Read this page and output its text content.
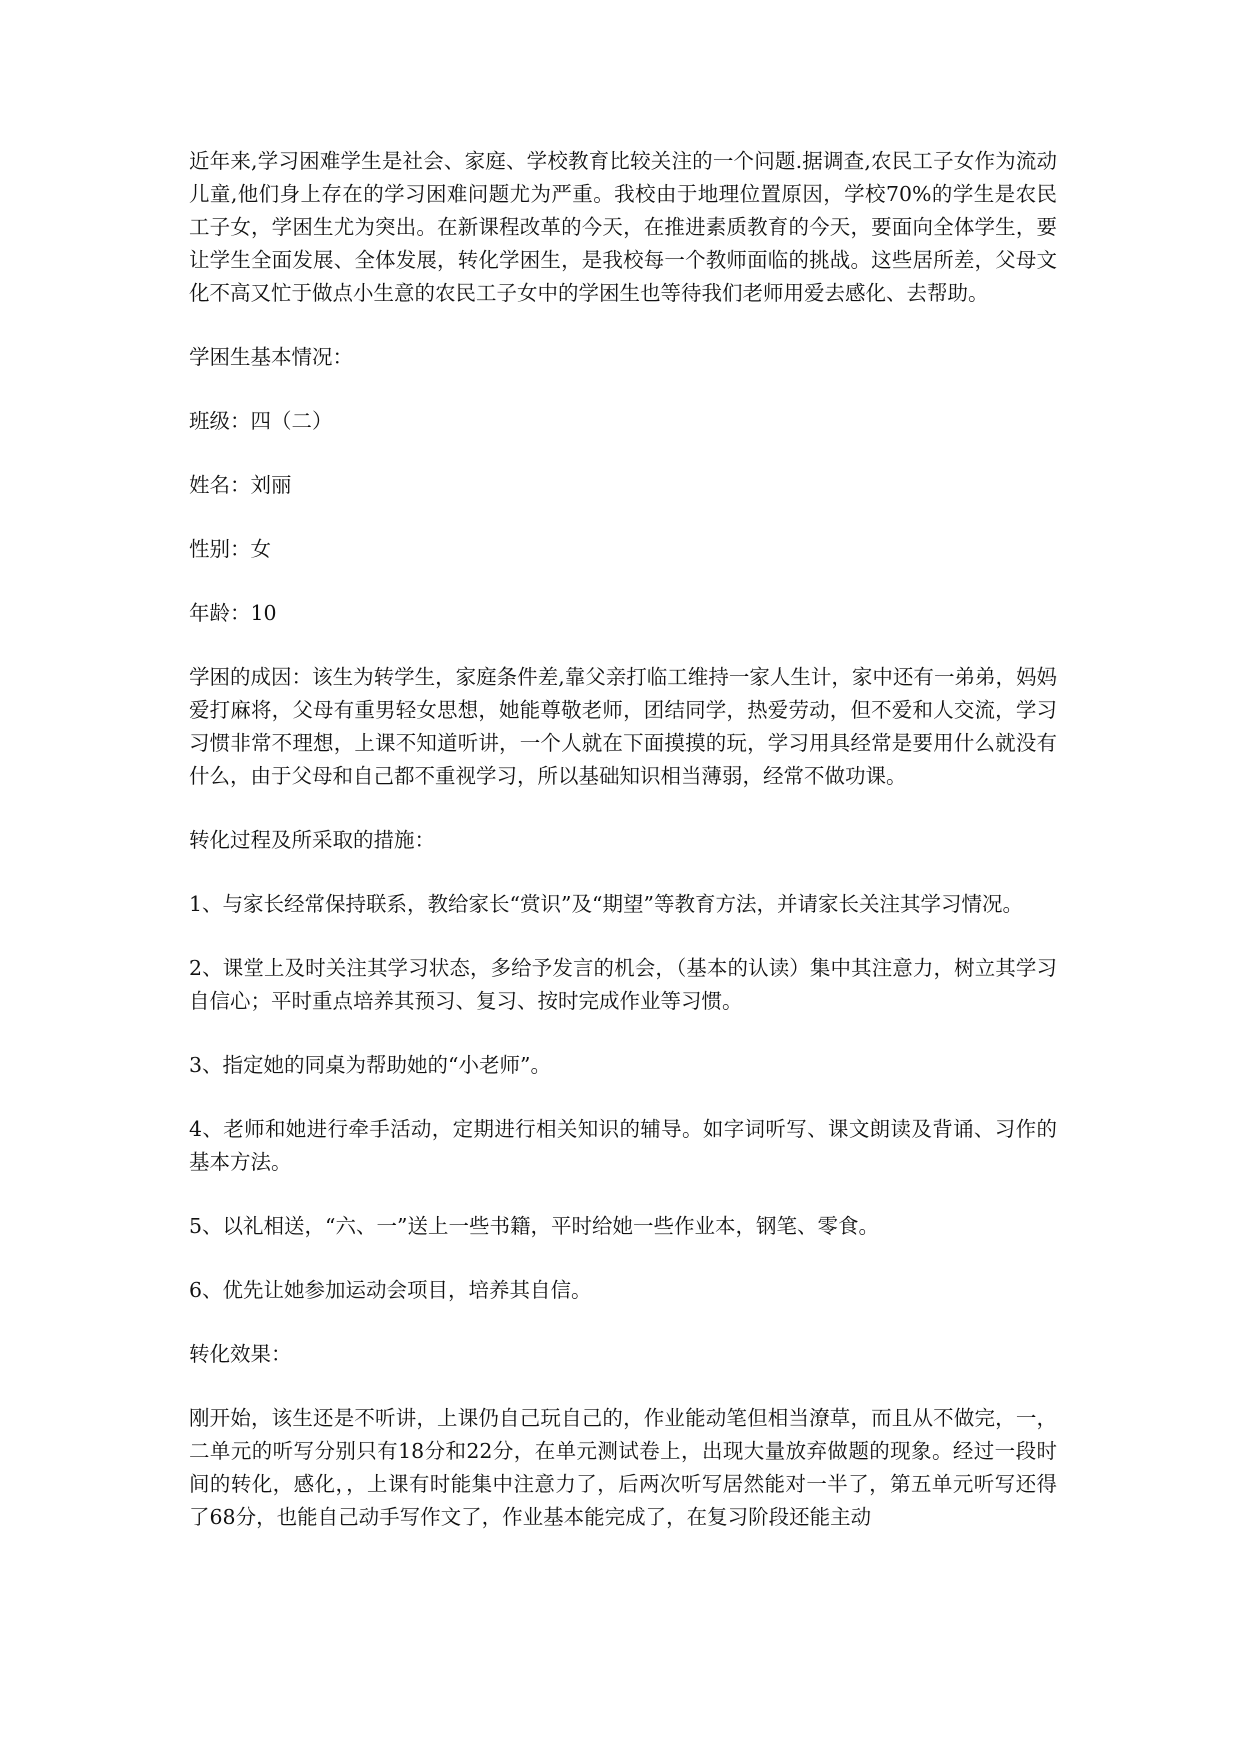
近年来,学习困难学生是社会、家庭、学校教育比较关注的一个问题.据调查,农民工子女作为流动儿童,他们身上存在的学习困难问题尤为严重。我校由于地理位置原因，学校70%的学生是农民工子女，学困生尤为突出。在新课程改革的今天，在推进素质教育的今天，要面向全体学生，要让学生全面发展、全体发展，转化学困生，是我校每一个教师面临的挑战。这些居所差，父母文化不高又忙于做点小生意的农民工子女中的学困生也等待我们老师用爱去感化、去帮助。

学困生基本情况：

班级：四（二）

姓名：刘丽

性别：女

年龄：10

学困的成因：该生为转学生，家庭条件差,靠父亲打临工维持一家人生计，家中还有一弟弟，妈妈爱打麻将，父母有重男轻女思想，她能尊敬老师，团结同学，热爱劳动，但不爱和人交流，学习习惯非常不理想，上课不知道听讲，一个人就在下面摸摸的玩，学习用具经常是要用什么就没有什么，由于父母和自己都不重视学习，所以基础知识相当薄弱，经常不做功课。

转化过程及所采取的措施：

1、与家长经常保持联系，教给家长“赏识”及“期望”等教育方法，并请家长关注其学习情况。

2、课堂上及时关注其学习状态，多给予发言的机会，（基本的认读）集中其注意力，树立其学习自信心；平时重点培养其预习、复习、按时完成作业等习惯。

3、指定她的同桌为帮助她的“小老师”。

4、老师和她进行牵手活动，定期进行相关知识的辅导。如字词听写、课文朗读及背诵、习作的基本方法。

5、以礼相送，“六、一”送上一些书籍，平时给她一些作业本，钢笔、零食。

6、优先让她参加运动会项目，培养其自信。

转化效果：

刚开始，该生还是不听讲，上课仍自己玩自己的，作业能动笔但相当潦草，而且从不做完，一，二单元的听写分别只有18分和22分，在单元测试卷上，出现大量放弃做题的现象。经过一段时间的转化，感化，，上课有时能集中注意力了，后两次听写居然能对一半了，第五单元听写还得了68分，也能自己动手写作文了，作业基本能完成了，在复习阶段还能主动
